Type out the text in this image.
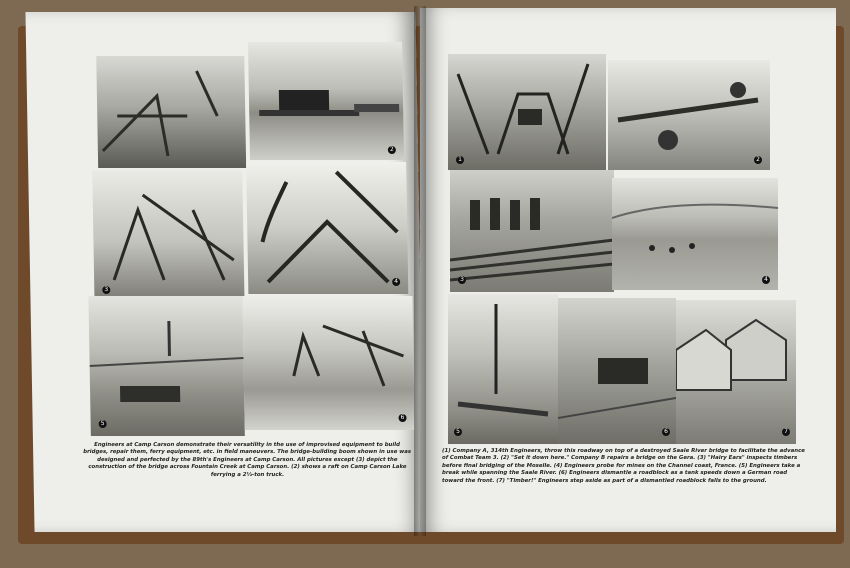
2
3
4
5
6
Engineers at Camp Carson demonstrate their versatility in the use of improvised equipment to build bridges, repair them, ferry equipment, etc. in field maneuvers. The bridge-building boom shown in use was designed and perfected by the 89th's Engineers at Camp Carson. All pictures except (3) depict the construction of the bridge across Fountain Creek at Camp Carson. (2) shows a raft on Camp Carson Lake ferrying a 2½-ton truck.
1	2
3	4
5	6	7
(1) Company A, 314th Engineers, throw this roadway on top of a destroyed Saale River bridge to facilitate the advance of Combat Team 3. (2) "Set it down here." Company B repairs a bridge on the Gera. (3) "Hairy Ears" inspects timbers before final bridging of the Moselle. (4) Engineers probe for mines on the Channel coast, France. (5) Engineers take a break while spanning the Saale River. (6) Engineers dismantle a roadblock as a tank speeds down a German road toward the front. (7) "Timber!" Engineers step aside as part of a dismantled roadblock falls to the ground.
